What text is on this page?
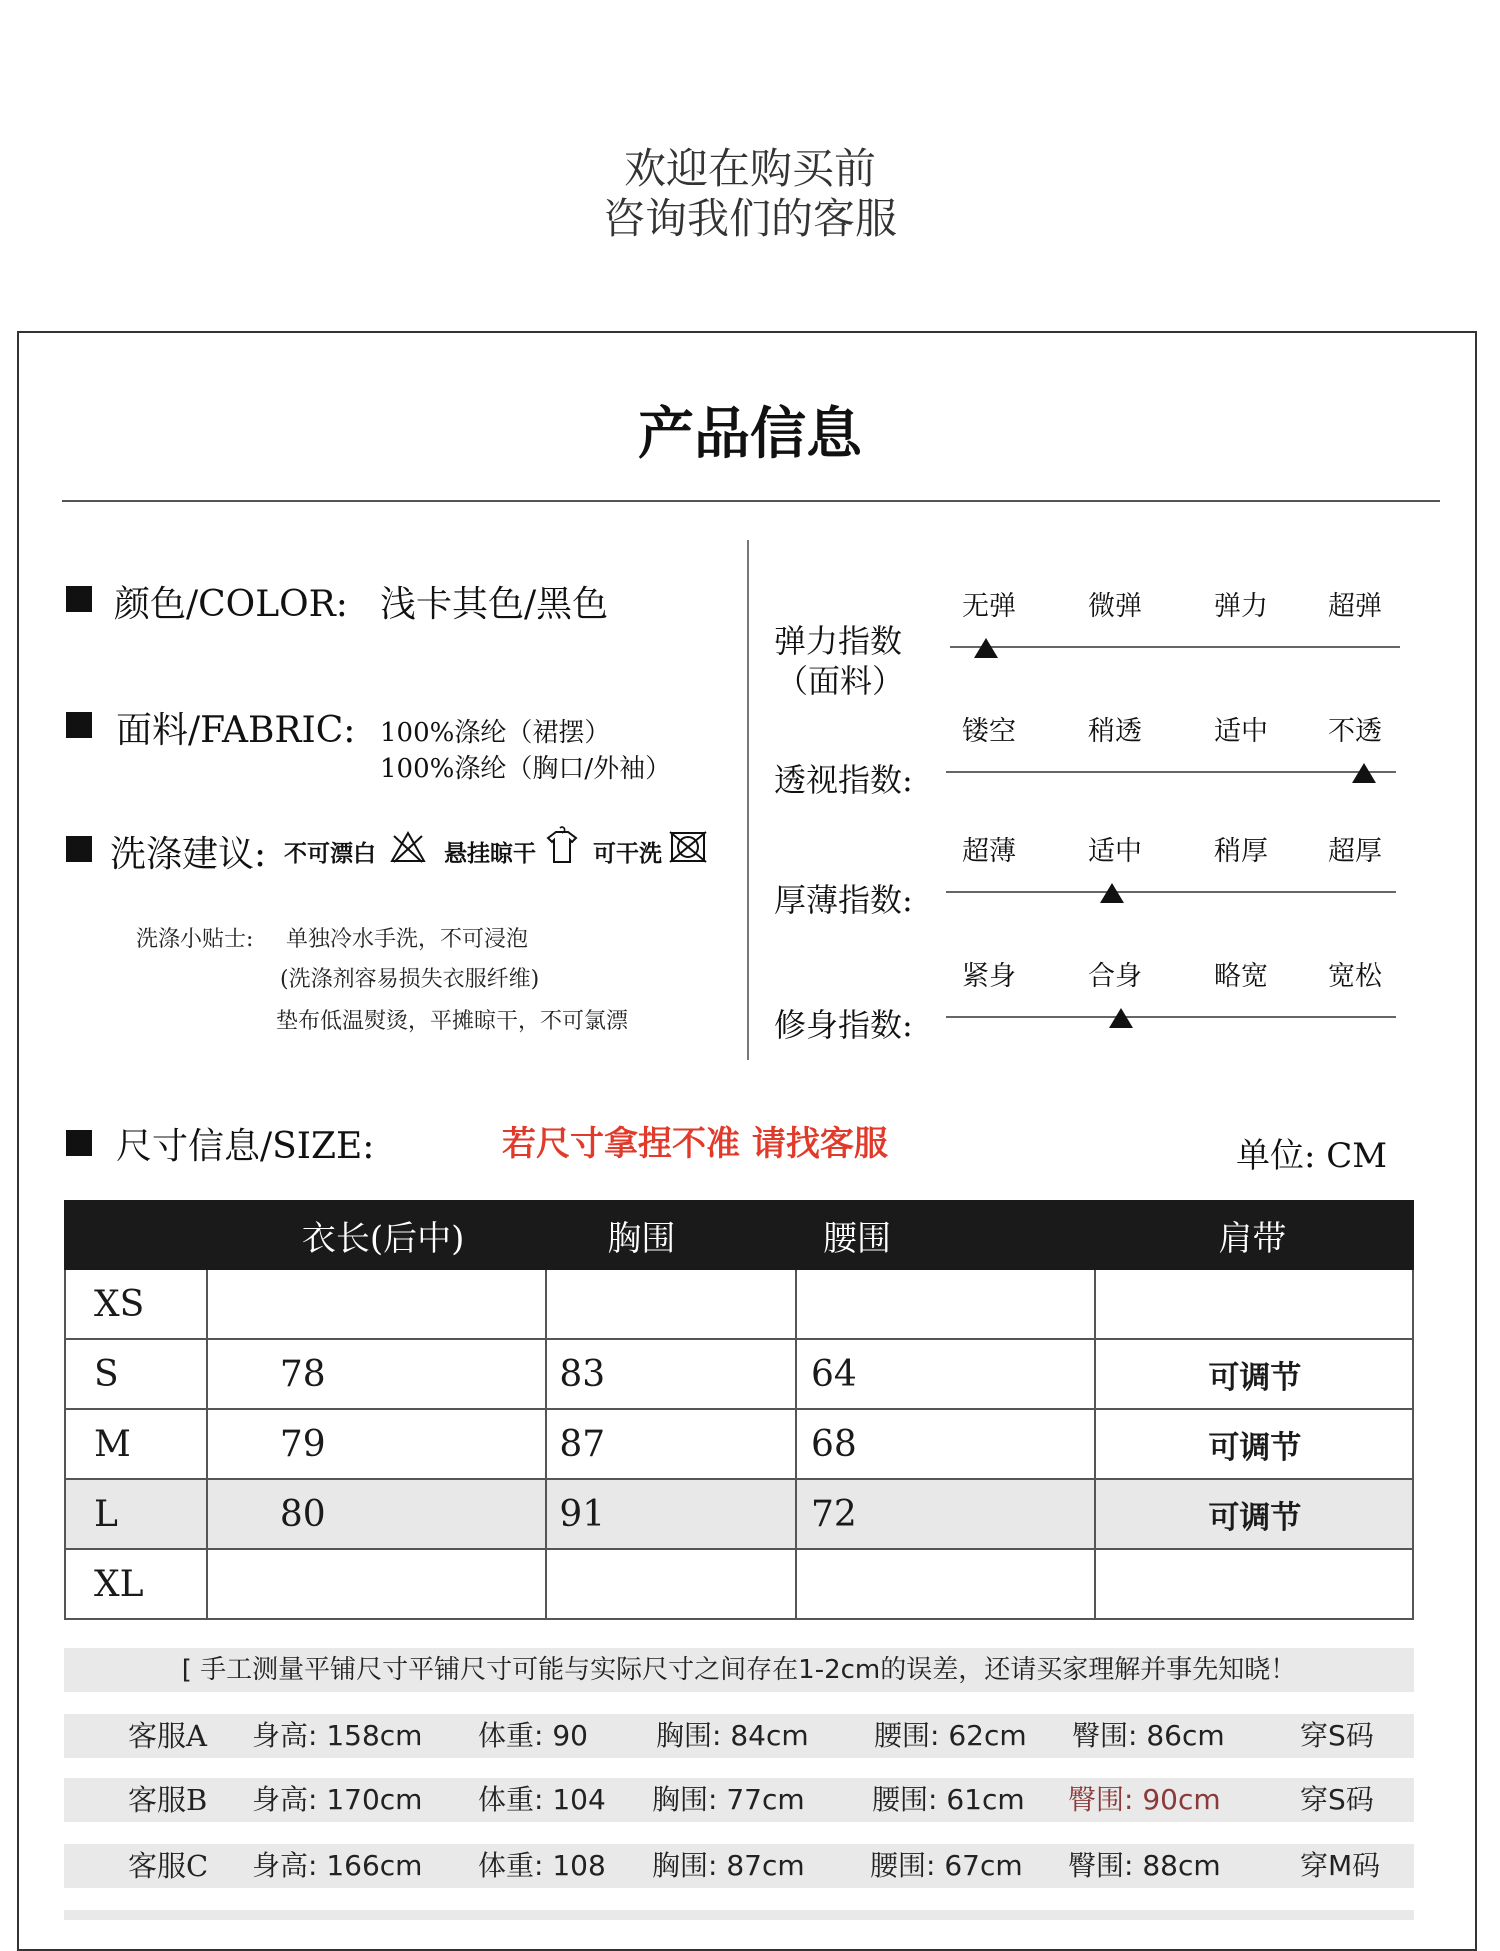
欢迎在购买前
咨询我们的客服
产品信息
颜色/COLOR: 浅卡其色/黑色
面料/FABRIC: 100%涤纶（裙摆）
100%涤纶（胸口/外袖）
洗涤建议: 不可漂白	悬挂晾干 可干洗
洗涤小贴士: 单独冷水手洗，不可浸泡
(洗涤剂容易损失衣服纤维)
垫布低温熨烫，平摊晾干，不可氯漂
弹力指数
（面料）
无弹	微弹	弹力	超弹
透视指数:
镂空	稍透	适中	不透
厚薄指数:
超薄	适中	稍厚	超厚
修身指数:
紧身	合身	略宽	宽松
尺寸信息/SIZE:	若尺寸拿捏不准 请找客服	单位: CM
	衣长(后中)	胸围	腰围	肩带
XS				
S	78	83	64	可调节
M	79	87	68	可调节
L	80	91	72	可调节
XL				
[ 手工测量平铺尺寸平铺尺寸可能与实际尺寸之间存在1-2cm的误差，还请买家理解并事先知晓！
客服A 身高: 158cm 体重: 90 胸围: 84cm 腰围: 62cm 臀围: 86cm	穿S码
客服B 身高: 170cm 体重: 104 胸围: 77cm 腰围: 61cm 臀围: 90cm	穿S码
客服C 身高: 166cm 体重: 108 胸围: 87cm 腰围: 67cm 臀围: 88cm	穿M码
